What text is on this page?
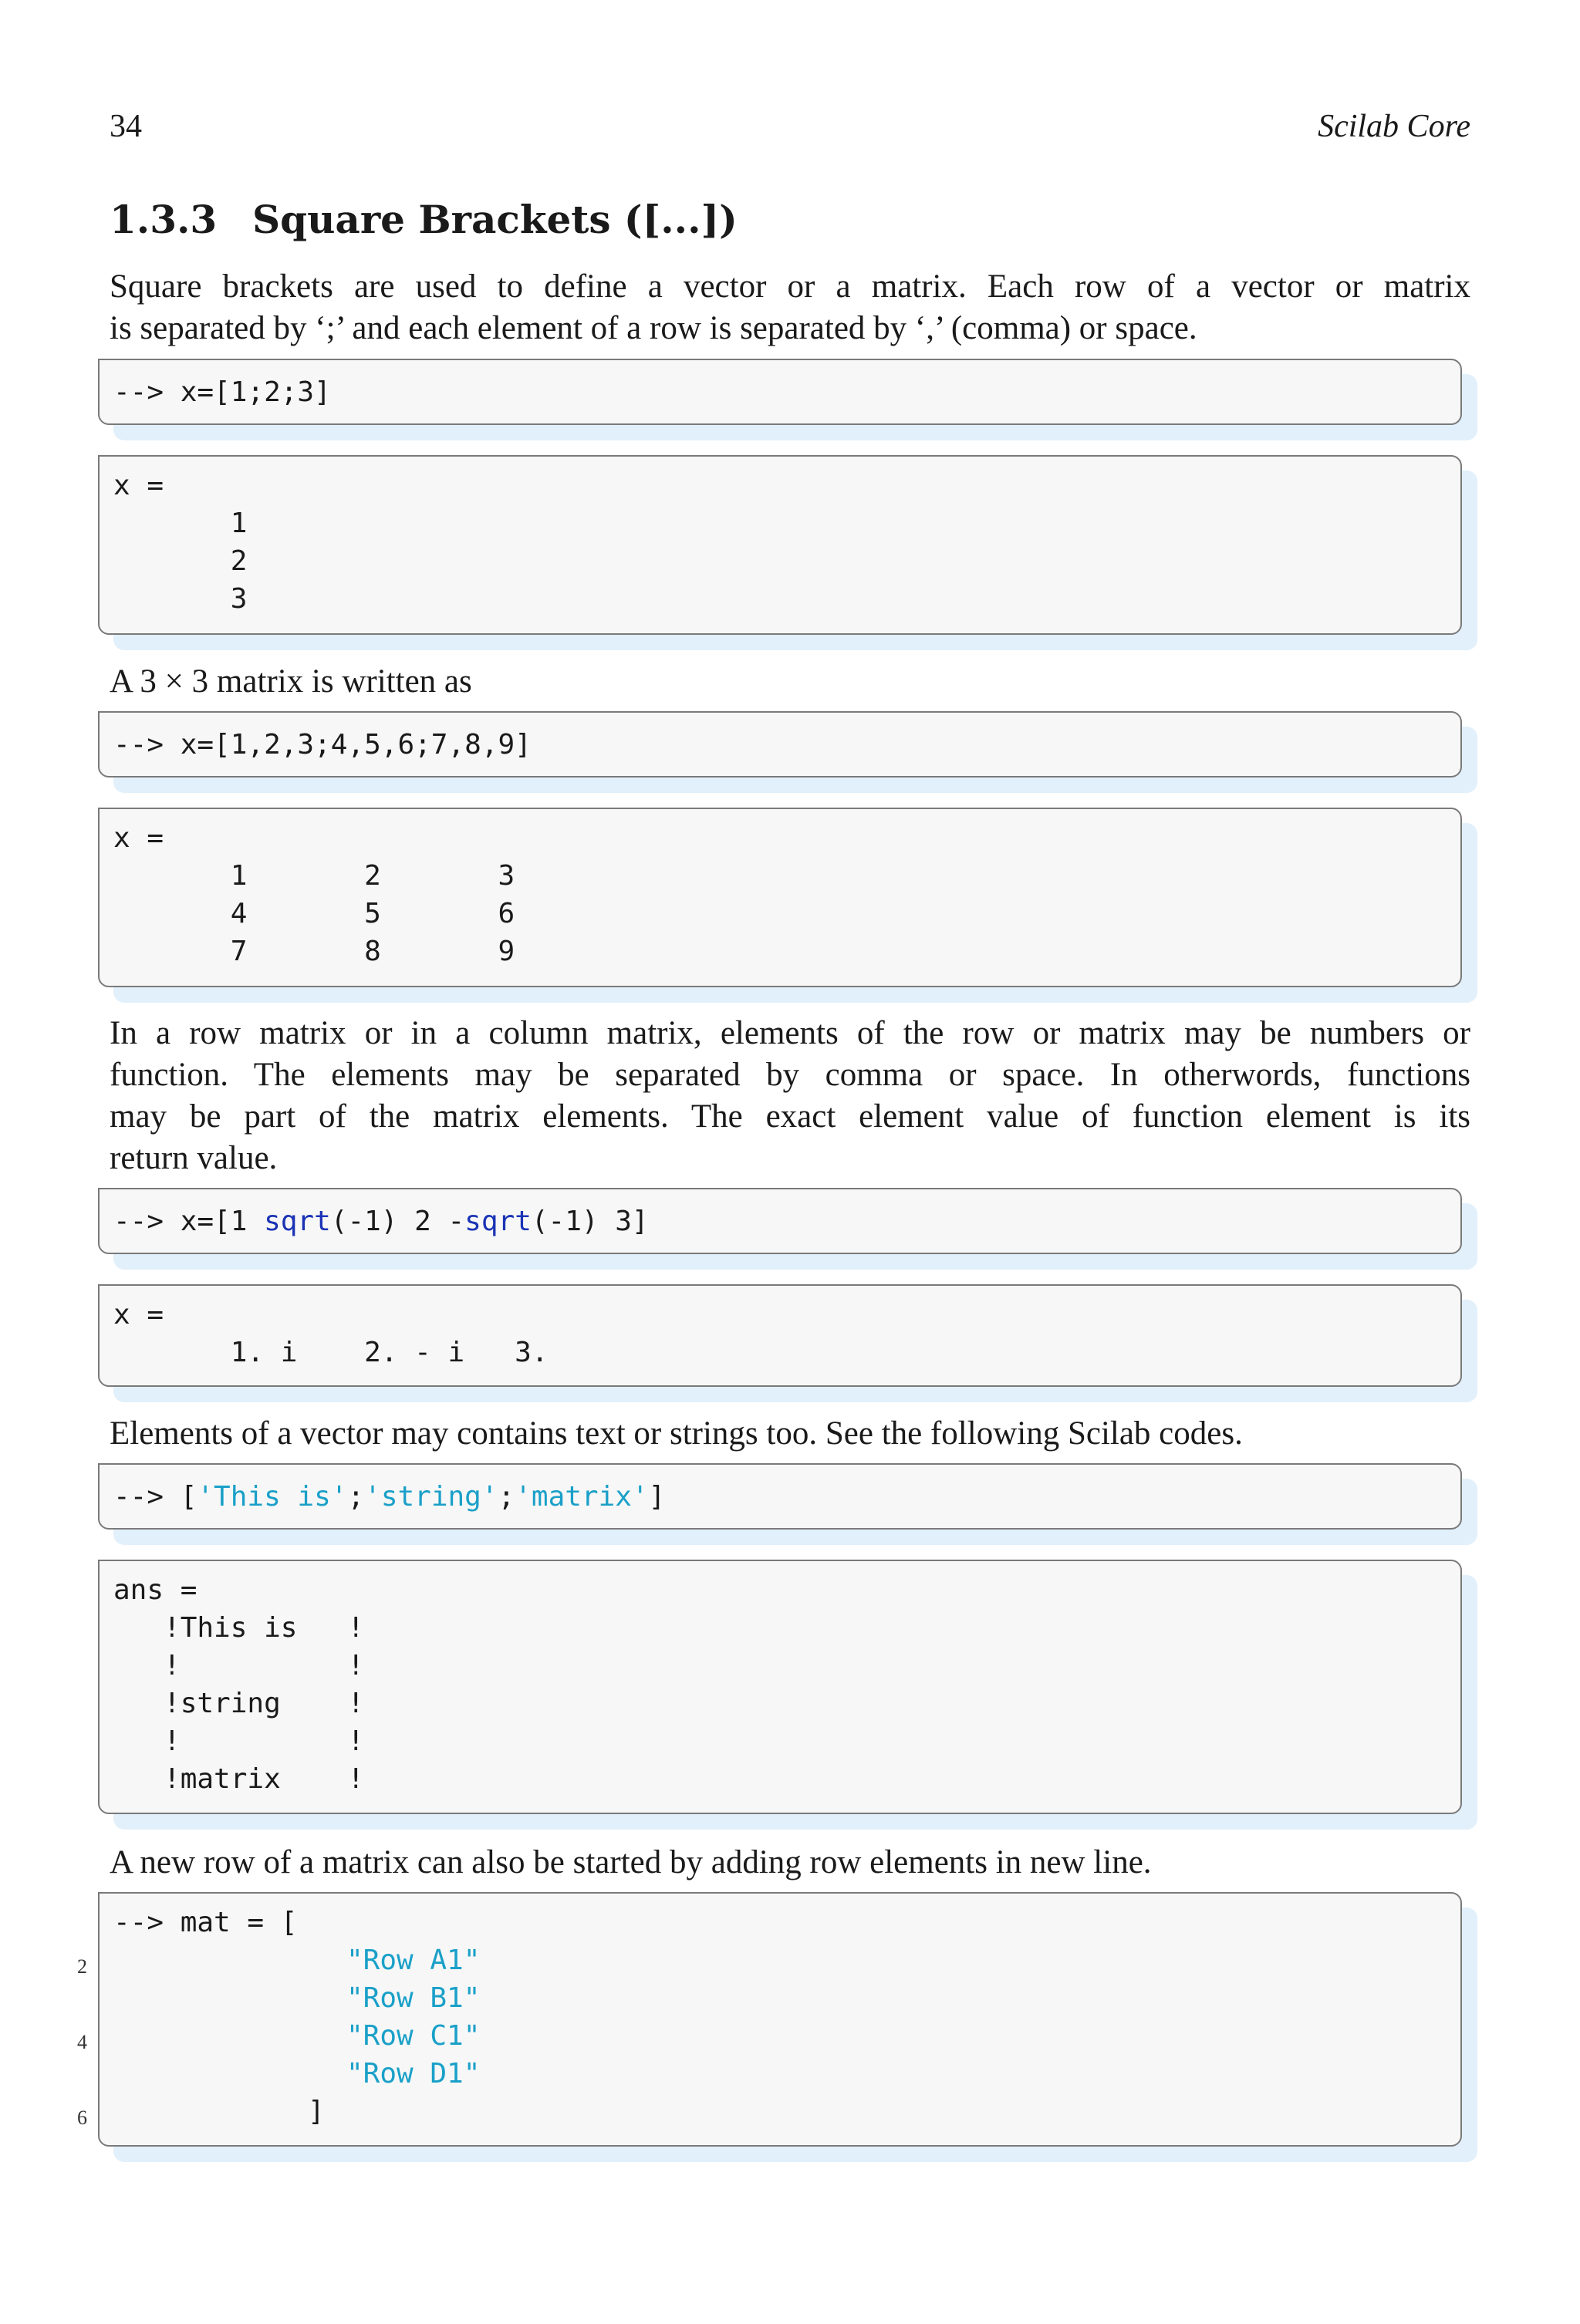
34	Scilab Core
1.3.3 Square Brackets ([...])
Square brackets are used to define a vector or a matrix. Each row of a vector or matrix
is separated by ‘;’ and each element of a row is separated by ‘,’ (comma) or space.
--> x=[1;2;3]
x =
1
2
3
A 3 × 3 matrix is written as
--> x=[1,2,3;4,5,6;7,8,9]
x =
1       2       3
4       5       6
7       8       9
In a row matrix or in a column matrix, elements of the row or matrix may be numbers or
function. The elements may be separated by comma or space. In otherwords, functions
may be part of the matrix elements. The exact element value of function element is its
return value.
--> x=[1 sqrt(-1) 2 -sqrt(-1) 3]
x =
1. i    2. - i   3.
Elements of a vector may contains text or strings too. See the following Scilab codes.
--> ['This is';'string';'matrix']
ans =
!This is   !
!          !
!string    !
!          !
!matrix    !
A new row of a matrix can also be started by adding row elements in new line.
2
4
6
--> mat = [
"Row A1"
"Row B1"
"Row C1"
"Row D1"
]
